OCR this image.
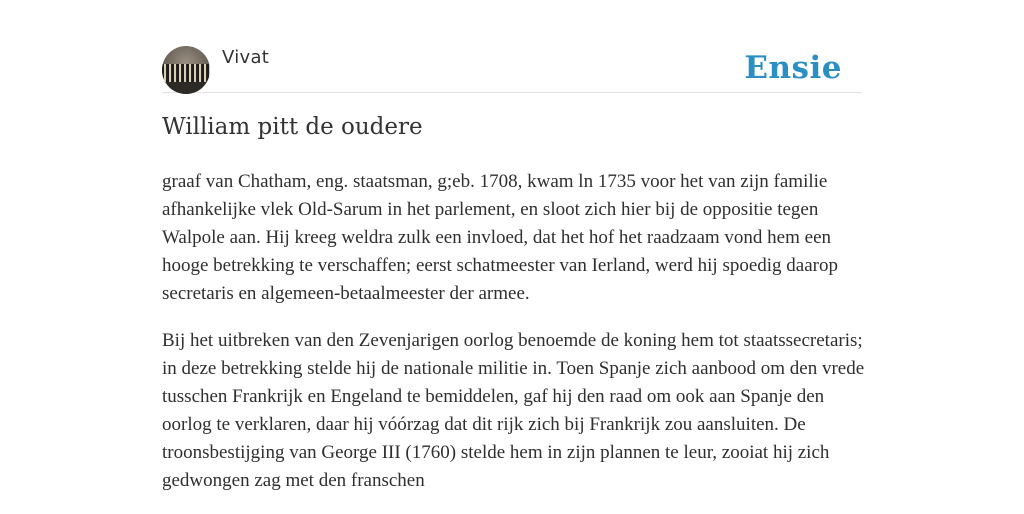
Vivat	Ensie
William pitt de oudere

graaf van Chatham, eng. staatsman, g;eb. 1708, kwam ln 1735 voor het van zijn familie afhankelijke vlek Old-Sarum in het parlement, en sloot zich hier bij de oppositie tegen Walpole aan. Hij kreeg weldra zulk een invloed, dat het hof het raadzaam vond hem een hooge betrekking te verschaffen; eerst schatmeester van Ierland, werd hij spoedig daarop secretaris en algemeen-betaalmeester der armee.

Bij het uitbreken van den Zevenjarigen oorlog benoemde de koning hem tot staatssecretaris; in deze betrekking stelde hij de nationale militie in. Toen Spanje zich aanbood om den vrede tusschen Frankrijk en Engeland te bemiddelen, gaf hij den raad om ook aan Spanje den oorlog te verklaren, daar hij vóórzag dat dit rijk zich bij Frankrijk zou aansluiten. De troonsbestijging van George III (1760) stelde hem in zijn plannen te leur, zooiat hij zich gedwongen zag met den franschen
